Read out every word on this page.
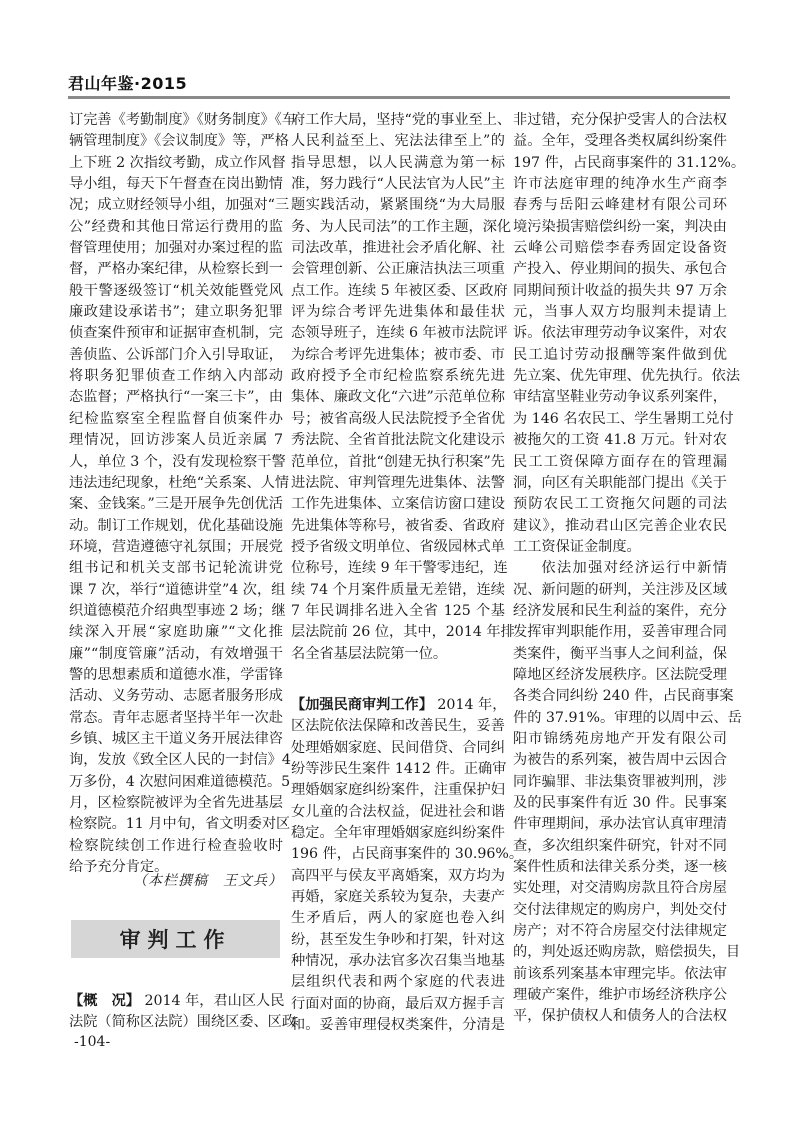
君山年鉴·2015
订完善《考勤制度》《财务制度》《车
辆管理制度》《会议制度》等，严格
上下班 2 次指纹考勤，成立作风督
导小组，每天下午督查在岗出勤情
况；成立财经领导小组，加强对“三
公”经费和其他日常运行费用的监
督管理使用；加强对办案过程的监
督，严格办案纪律，从检察长到一
般干警逐级签订“机关效能暨党风
廉政建设承诺书”；建立职务犯罪
侦查案件预审和证据审查机制，完
善侦监、公诉部门介入引导取证，
将职务犯罪侦查工作纳入内部动
态监督；严格执行“一案三卡”，由
纪检监察室全程监督自侦案件办
理情况，回访涉案人员近亲属 7
人，单位 3 个，没有发现检察干警
违法违纪现象，杜绝“关系案、人情
案、金钱案。”三是开展争先创优活
动。制订工作规划，优化基础设施
环境，营造遵德守礼氛围；开展党
组书记和机关支部书记轮流讲党
课 7 次，举行“道德讲堂”4 次，组
织道德模范介绍典型事迹 2 场；继
续深入开展“家庭助廉”“文化推
廉”“制度管廉”活动，有效增强干
警的思想素质和道德水准，学雷锋
活动、义务劳动、志愿者服务形成
常态。青年志愿者坚持半年一次赴
乡镇、城区主干道义务开展法律咨
询，发放《致全区人民的一封信》4
万多份，4 次慰问困难道德模范。5
月，区检察院被评为全省先进基层
检察院。11 月中旬，省文明委对区
检察院续创工作进行检查验收时
给予充分肯定。
（本栏撰稿　王文兵）
审判工作
【概　况】 2014 年，君山区人民
法院（简称区法院）围绕区委、区政
府工作大局，坚持“党的事业至上、
人民利益至上、宪法法律至上”的
指导思想，以人民满意为第一标
准，努力践行“人民法官为人民”主
题实践活动，紧紧围绕“为大局服
务、为人民司法”的工作主题，深化
司法改革，推进社会矛盾化解、社
会管理创新、公正廉洁执法三项重
点工作。连续 5 年被区委、区政府
评为综合考评先进集体和最佳状
态领导班子，连续 6 年被市法院评
为综合考评先进集体；被市委、市
政府授予全市纪检监察系统先进
集体、廉政文化“六进”示范单位称
号；被省高级人民法院授予全省优
秀法院、全省首批法院文化建设示
范单位，首批“创建无执行积案”先
进法院、审判管理先进集体、法警
工作先进集体、立案信访窗口建设
先进集体等称号，被省委、省政府
授予省级文明单位、省级园林式单
位称号，连续 9 年干警零违纪，连
续 74 个月案件质量无差错，连续
7 年民调排名进入全省 125 个基
层法院前 26 位，其中，2014 年排
名全省基层法院第一位。
【加强民商审判工作】 2014 年，
区法院依法保障和改善民生，妥善
处理婚姻家庭、民间借贷、合同纠
纷等涉民生案件 1412 件。正确审
理婚姻家庭纠纷案件，注重保护妇
女儿童的合法权益，促进社会和谐
稳定。全年审理婚姻家庭纠纷案件
196 件，占民商事案件的 30.96%。
高四平与侯友平离婚案，双方均为
再婚，家庭关系较为复杂，夫妻产
生矛盾后，两人的家庭也卷入纠
纷，甚至发生争吵和打架，针对这
种情况，承办法官多次召集当地基
层组织代表和两个家庭的代表进
行面对面的协商，最后双方握手言
和。妥善审理侵权类案件，分清是
非过错，充分保护受害人的合法权
益。全年，受理各类权属纠纷案件
197 件，占民商事案件的 31.12%。
许市法庭审理的纯净水生产商李
春秀与岳阳云峰建材有限公司环
境污染损害赔偿纠纷一案，判决由
云峰公司赔偿李春秀固定设备资
产投入、停业期间的损失、承包合
同期间预计收益的损失共 97 万余
元，当事人双方均服判未提请上
诉。依法审理劳动争议案件，对农
民工追讨劳动报酬等案件做到优
先立案、优先审理、优先执行。依法
审结富坚鞋业劳动争议系列案件，
为 146 名农民工、学生暑期工兑付
被拖欠的工资 41.8 万元。针对农
民工工资保障方面存在的管理漏
洞，向区有关职能部门提出《关于
预防农民工工资拖欠问题的司法
建议》，推动君山区完善企业农民
工工资保证金制度。
依法加强对经济运行中新情
况、新问题的研判，关注涉及区域
经济发展和民生利益的案件，充分
发挥审判职能作用，妥善审理合同
类案件，衡平当事人之间利益，保
障地区经济发展秩序。区法院受理
各类合同纠纷 240 件，占民商事案
件的 37.91%。审理的以周中云、岳
阳市锦绣苑房地产开发有限公司
为被告的系列案，被告周中云因合
同诈骗罪、非法集资罪被判刑，涉
及的民事案件有近 30 件。民事案
件审理期间，承办法官认真审理清
查，多次组织案件研究，针对不同
案件性质和法律关系分类，逐一核
实处理，对交清购房款且符合房屋
交付法律规定的购房户，判处交付
房产；对不符合房屋交付法律规定
的，判处返还购房款，赔偿损失，目
前该系列案基本审理完毕。依法审
理破产案件，维护市场经济秩序公
平，保护债权人和债务人的合法权
-104-
